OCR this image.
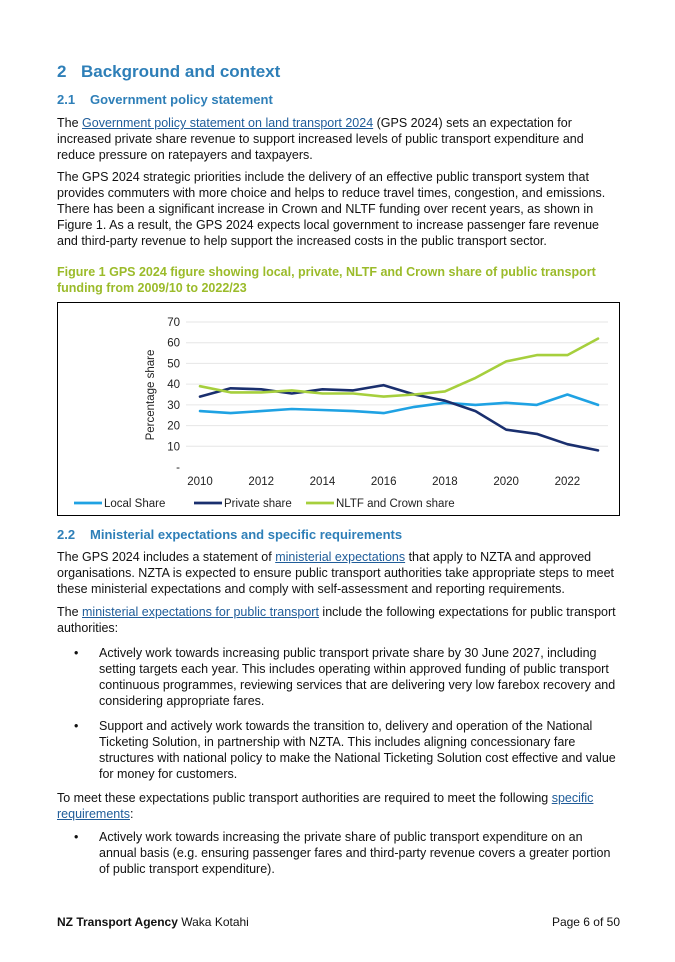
2 Background and context
2.1 Government policy statement

The Government policy statement on land transport 2024 (GPS 2024) sets an expectation for increased private share revenue to support increased levels of public transport expenditure and reduce pressure on ratepayers and taxpayers.

The GPS 2024 strategic priorities include the delivery of an effective public transport system that provides commuters with more choice and helps to reduce travel times, congestion, and emissions. There has been a significant increase in Crown and NLTF funding over recent years, as shown in Figure 1. As a result, the GPS 2024 expects local government to increase passenger fare revenue and third-party revenue to help support the increased costs in the public transport sector.

Figure 1 GPS 2024 figure showing local, private, NLTF and Crown share of public transport funding from 2009/10 to 2022/23
-
10
20
30
40
50
60
70
2010	2012	2014	2016	2018	2020	2022
Percentage share
Local Share	Private share	NLTF and Crown share
2.2 Ministerial expectations and specific requirements

The GPS 2024 includes a statement of ministerial expectations that apply to NZTA and approved organisations. NZTA is expected to ensure public transport authorities take appropriate steps to meet these ministerial expectations and comply with self-assessment and reporting requirements.

The ministerial expectations for public transport include the following expectations for public transport authorities:

• Actively work towards increasing public transport private share by 30 June 2027, including setting targets each year. This includes operating within approved funding of public transport continuous programmes, reviewing services that are delivering very low farebox recovery and considering appropriate fares.
• Support and actively work towards the transition to, delivery and operation of the National Ticketing Solution, in partnership with NZTA. This includes aligning concessionary fare structures with national policy to make the National Ticketing Solution cost effective and value for money for customers.

To meet these expectations public transport authorities are required to meet the following specific requirements:

• Actively work towards increasing the private share of public transport expenditure on an annual basis (e.g. ensuring passenger fares and third-party revenue covers a greater portion of public transport expenditure).
NZ Transport Agency Waka Kotahi	Page 6 of 50
